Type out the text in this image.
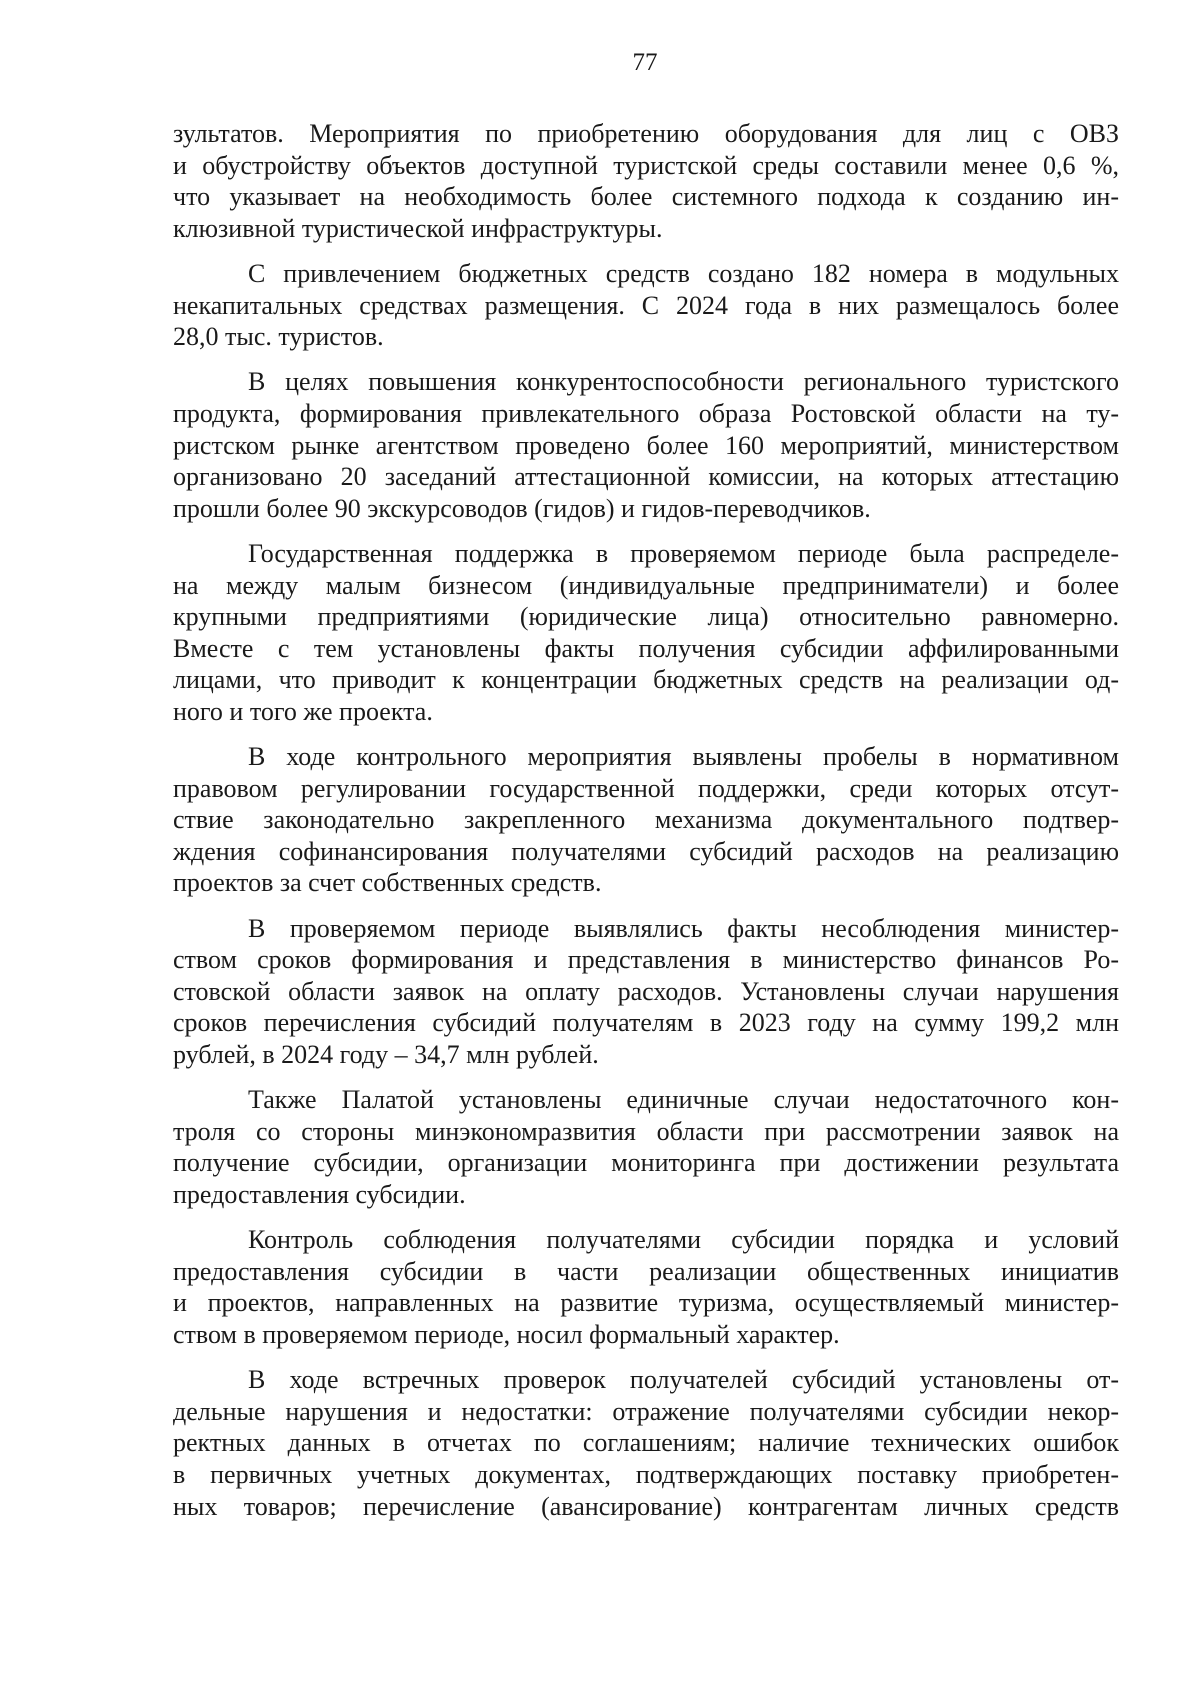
77
зультатов. Мероприятия по приобретению оборудования для лиц с ОВЗ
и обустройству объектов доступной туристской среды составили менее 0,6 %,
что указывает на необходимость более системного подхода к созданию ин-
клюзивной туристической инфраструктуры.
С привлечением бюджетных средств создано 182 номера в модульных
некапитальных средствах размещения. С 2024 года в них размещалось более
28,0 тыс. туристов.
В целях повышения конкурентоспособности регионального туристского
продукта, формирования привлекательного образа Ростовской области на ту-
ристском рынке агентством проведено более 160 мероприятий, министерством
организовано 20 заседаний аттестационной комиссии, на которых аттестацию
прошли более 90 экскурсоводов (гидов) и гидов-переводчиков.
Государственная поддержка в проверяемом периоде была распределе-
на между малым бизнесом (индивидуальные предприниматели) и более
крупными предприятиями (юридические лица) относительно равномерно.
Вместе с тем установлены факты получения субсидии аффилированными
лицами, что приводит к концентрации бюджетных средств на реализации од-
ного и того же проекта.
В ходе контрольного мероприятия выявлены пробелы в нормативном
правовом регулировании государственной поддержки, среди которых отсут-
ствие законодательно закрепленного механизма документального подтвер-
ждения софинансирования получателями субсидий расходов на реализацию
проектов за счет собственных средств.
В проверяемом периоде выявлялись факты несоблюдения министер-
ством сроков формирования и представления в министерство финансов Ро-
стовской области заявок на оплату расходов. Установлены случаи нарушения
сроков перечисления субсидий получателям в 2023 году на сумму 199,2 млн
рублей, в 2024 году – 34,7 млн рублей.
Также Палатой установлены единичные случаи недостаточного кон-
троля со стороны минэкономразвития области при рассмотрении заявок на
получение субсидии, организации мониторинга при достижении результата
предоставления субсидии.
Контроль соблюдения получателями субсидии порядка и условий
предоставления субсидии в части реализации общественных инициатив
и проектов, направленных на развитие туризма, осуществляемый министер-
ством в проверяемом периоде, носил формальный характер.
В ходе встречных проверок получателей субсидий установлены от-
дельные нарушения и недостатки: отражение получателями субсидии некор-
ректных данных в отчетах по соглашениям; наличие технических ошибок
в первичных учетных документах, подтверждающих поставку приобретен-
ных товаров; перечисление (авансирование) контрагентам личных средств
